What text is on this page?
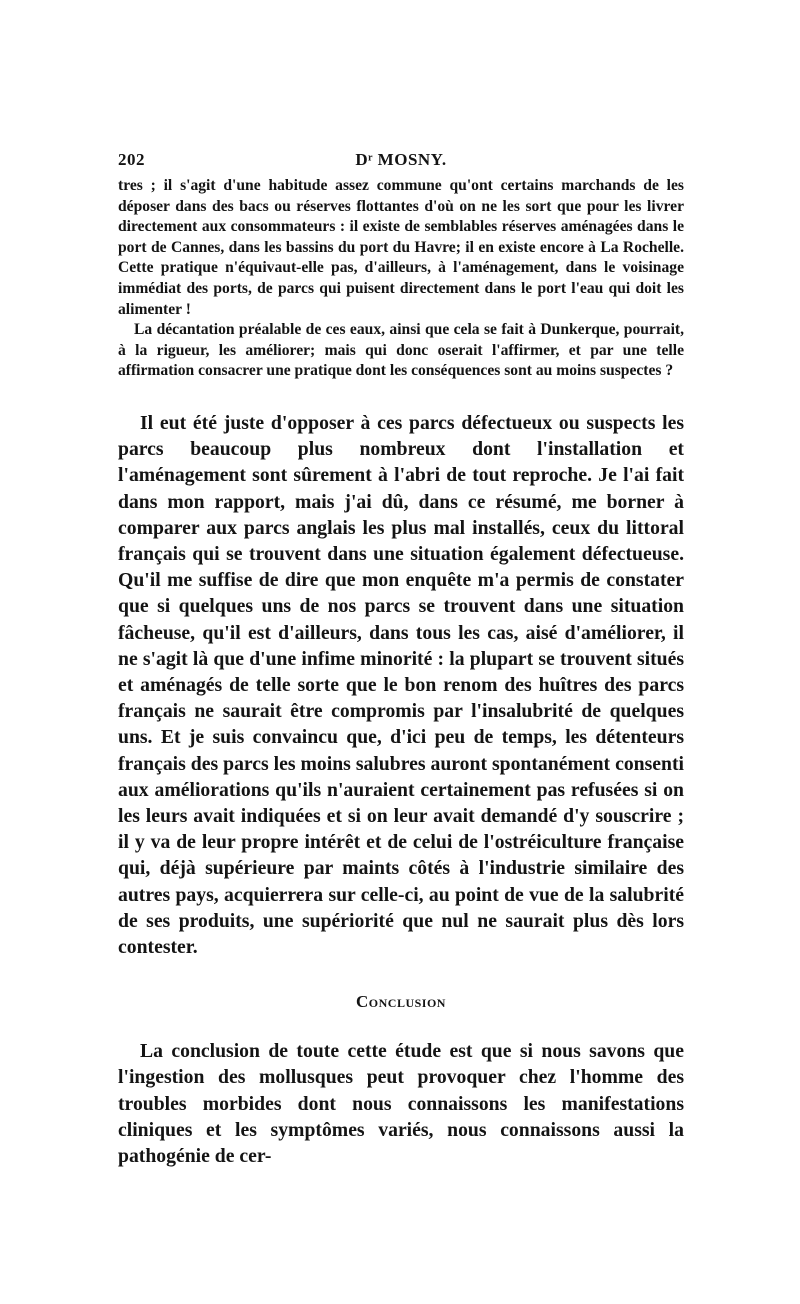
202	Dʳ MOSNY.

tres ; il s'agit d'une habitude assez commune qu'ont certains marchands de les déposer dans des bacs ou réserves flottantes d'où on ne les sort que pour les livrer directement aux consommateurs : il existe de semblables réserves aménagées dans le port de Cannes, dans les bassins du port du Havre; il en existe encore à La Rochelle. Cette pratique n'équivaut-elle pas, d'ailleurs, à l'aménagement, dans le voisinage immédiat des ports, de parcs qui puisent directement dans le port l'eau qui doit les alimenter !

La décantation préalable de ces eaux, ainsi que cela se fait à Dunkerque, pourrait, à la rigueur, les améliorer; mais qui donc oserait l'affirmer, et par une telle affirmation consacrer une pratique dont les conséquences sont au moins suspectes ?

Il eut été juste d'opposer à ces parcs défectueux ou suspects les parcs beaucoup plus nombreux dont l'installation et l'aménagement sont sûrement à l'abri de tout reproche. Je l'ai fait dans mon rapport, mais j'ai dû, dans ce résumé, me borner à comparer aux parcs anglais les plus mal installés, ceux du littoral français qui se trouvent dans une situation également défectueuse. Qu'il me suffise de dire que mon enquête m'a permis de constater que si quelques uns de nos parcs se trouvent dans une situation fâcheuse, qu'il est d'ailleurs, dans tous les cas, aisé d'améliorer, il ne s'agit là que d'une infime minorité : la plupart se trouvent situés et aménagés de telle sorte que le bon renom des huîtres des parcs français ne saurait être compromis par l'insalubrité de quelques uns. Et je suis convaincu que, d'ici peu de temps, les détenteurs français des parcs les moins salubres auront spontanément consenti aux améliorations qu'ils n'auraient certainement pas refusées si on les leurs avait indiquées et si on leur avait demandé d'y souscrire ; il y va de leur propre intérêt et de celui de l'ostréiculture française qui, déjà supérieure par maints côtés à l'industrie similaire des autres pays, acquierrera sur celle-ci, au point de vue de la salubrité de ses produits, une supériorité que nul ne saurait plus dès lors contester.

Conclusion

La conclusion de toute cette étude est que si nous savons que l'ingestion des mollusques peut provoquer chez l'homme des troubles morbides dont nous connaissons les manifestations cliniques et les symptômes variés, nous connaissons aussi la pathogénie de cer-
